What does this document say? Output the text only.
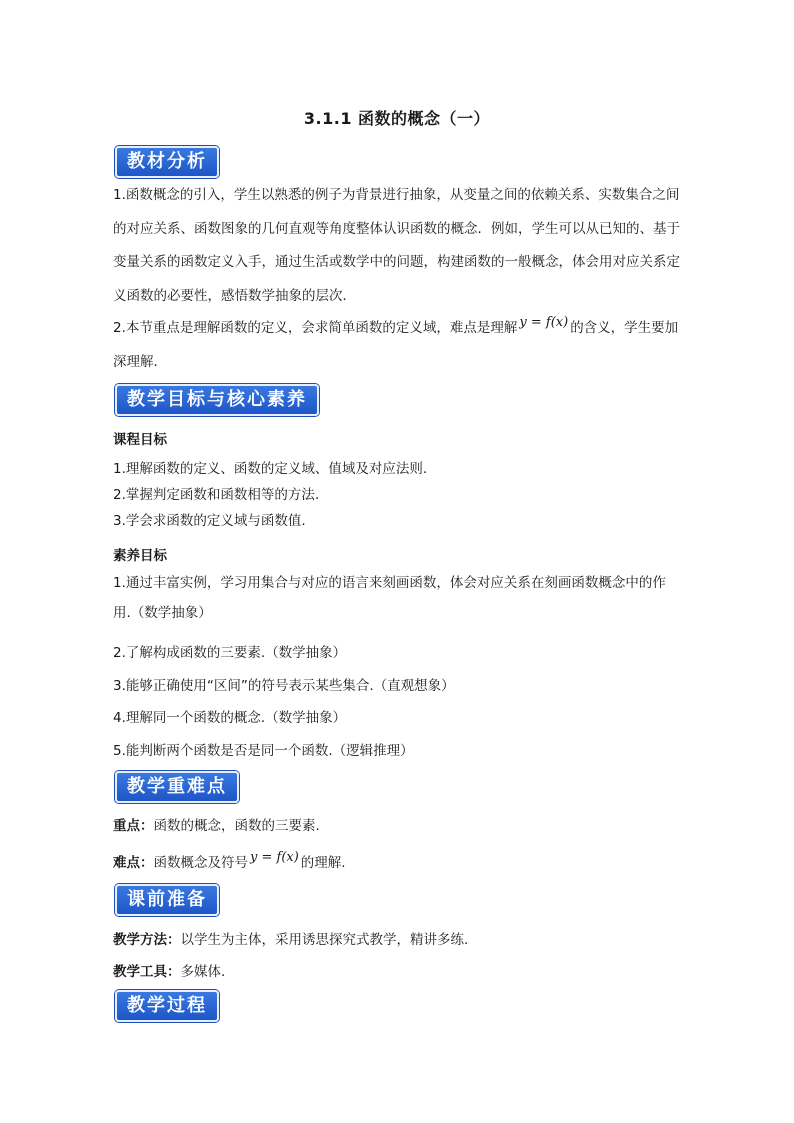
3.1.1 函数的概念（一）
教材分析
1.函数概念的引入，学生以熟悉的例子为背景进行抽象，从变量之间的依赖关系、实数集合之间的对应关系、函数图象的几何直观等角度整体认识函数的概念．例如，学生可以从已知的、基于变量关系的函数定义入手，通过生活或数学中的问题，构建函数的一般概念，体会用对应关系定义函数的必要性，感悟数学抽象的层次．
2.本节重点是理解函数的定义，会求简单函数的定义域，难点是理解 y = f(x) 的含义，学生要加深理解．
教学目标与核心素养
课程目标
1.理解函数的定义、函数的定义域、值域及对应法则.
2.掌握判定函数和函数相等的方法.
3.学会求函数的定义域与函数值.
素养目标
1.通过丰富实例，学习用集合与对应的语言来刻画函数，体会对应关系在刻画函数概念中的作用.（数学抽象）
2.了解构成函数的三要素.（数学抽象）
3.能够正确使用“区间”的符号表示某些集合.（直观想象）
4.理解同一个函数的概念.（数学抽象）
5.能判断两个函数是否是同一个函数.（逻辑推理）
教学重难点
重点：函数的概念，函数的三要素.
难点：函数概念及符号 y = f(x) 的理解.
课前准备
教学方法：以学生为主体，采用诱思探究式教学，精讲多练.
教学工具：多媒体.
教学过程
